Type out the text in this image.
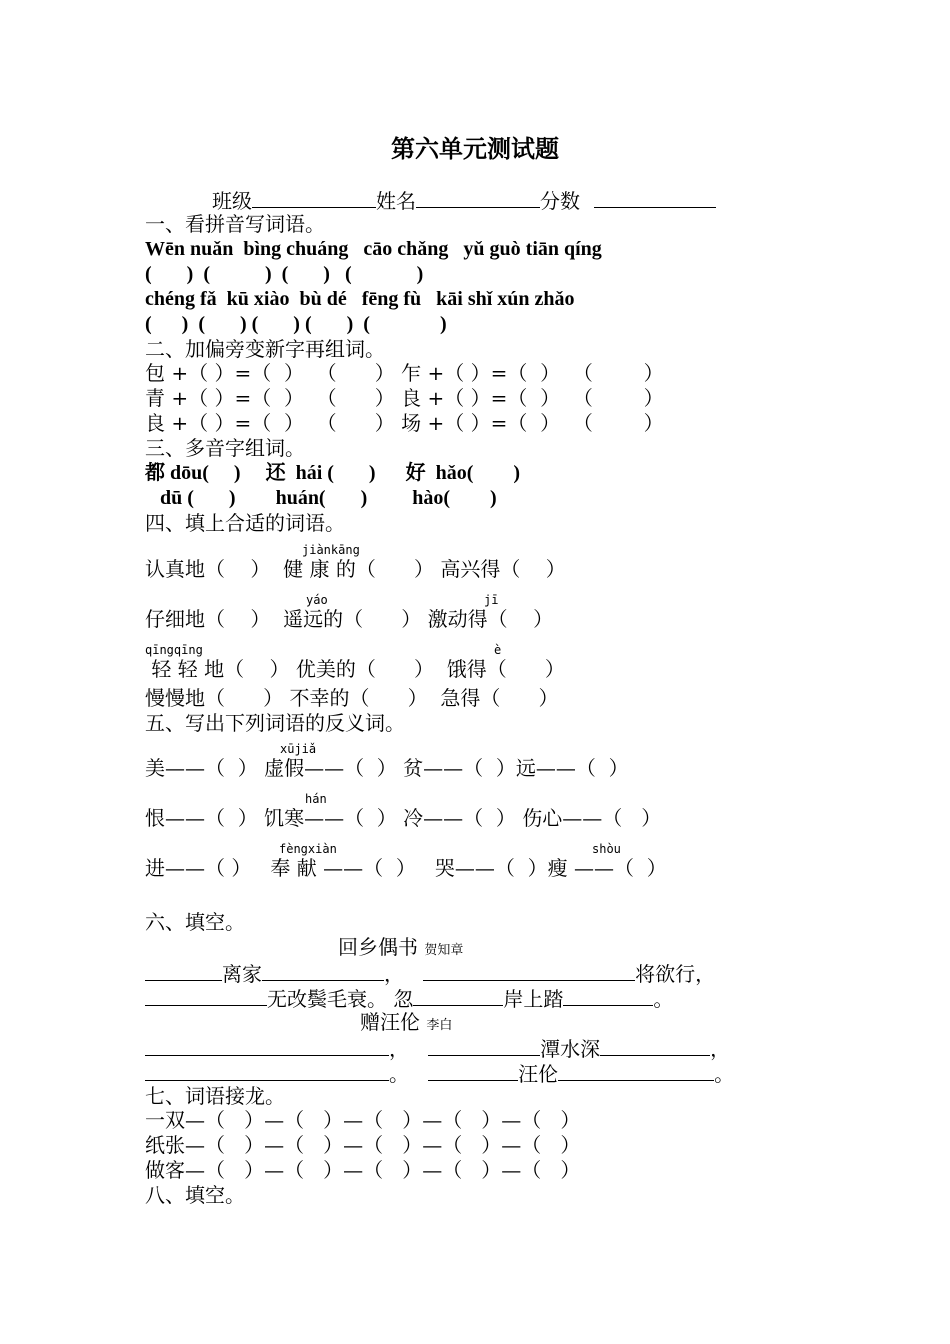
第六单元测试题
班级	姓名	分数
一、看拼音写词语。
Wēn nuǎn  bìng chuáng   cāo chǎng   yǔ guò tiān qíng
(       )  (           )  (       )   (             )
chéng fǎ  kū xiào  bù dé   fēng fù   kāi shǐ xún zhǎo
(      )  (       ) (       ) (       )  (              )
二、加偏旁变新字再组词。
包 +（ ）=（  ）  （      ） 乍 +（ ）=（  ）  （        ）
青 +（ ）=（  ）  （      ） 良 +（ ）=（  ）  （        ）
良 +（ ）=（  ）  （      ） 场 +（ ）=（  ）  （        ）
三、多音字组词。
都 dōu(     )     还  hái (       )      好  hǎo(        )
dū (       )        huán(       )         hào(        )
四、填上合适的词语。
jiànkāng
认真地（    ）  健 康 的（      ） 高兴得（    ）
yáo	jī
仔细地（    ）  遥远的（      ） 激动得（    ）
qīngqīng	è
轻 轻 地（    ） 优美的（      ）  饿得（      ）
慢慢地（      ） 不幸的（      ）  急得（      ）
五、写出下列词语的反义词。
xūjiǎ
美——（  ） 虚假——（  ） 贫——（  ）远——（  ）
hán
恨——（  ） 饥寒——（  ） 冷——（  ） 伤心——（   ）
fèngxiàn	shòu
进——（ ）   奉 献 ——（  ）   哭——（  ）瘦 ——（  ）
六、填空。
回乡偶书 贺知章
离家	，	将欲行，
无改鬓毛衰。 忽	岸上踏	。
赠汪伦 李白
，	潭水深	，
。	汪伦	。
七、词语接龙。
一双—（   ）—（   ）—（   ）—（   ）—（   ）
纸张—（   ）—（   ）—（   ）—（   ）—（   ）
做客—（   ）—（   ）—（   ）—（   ）—（   ）
八、填空。
